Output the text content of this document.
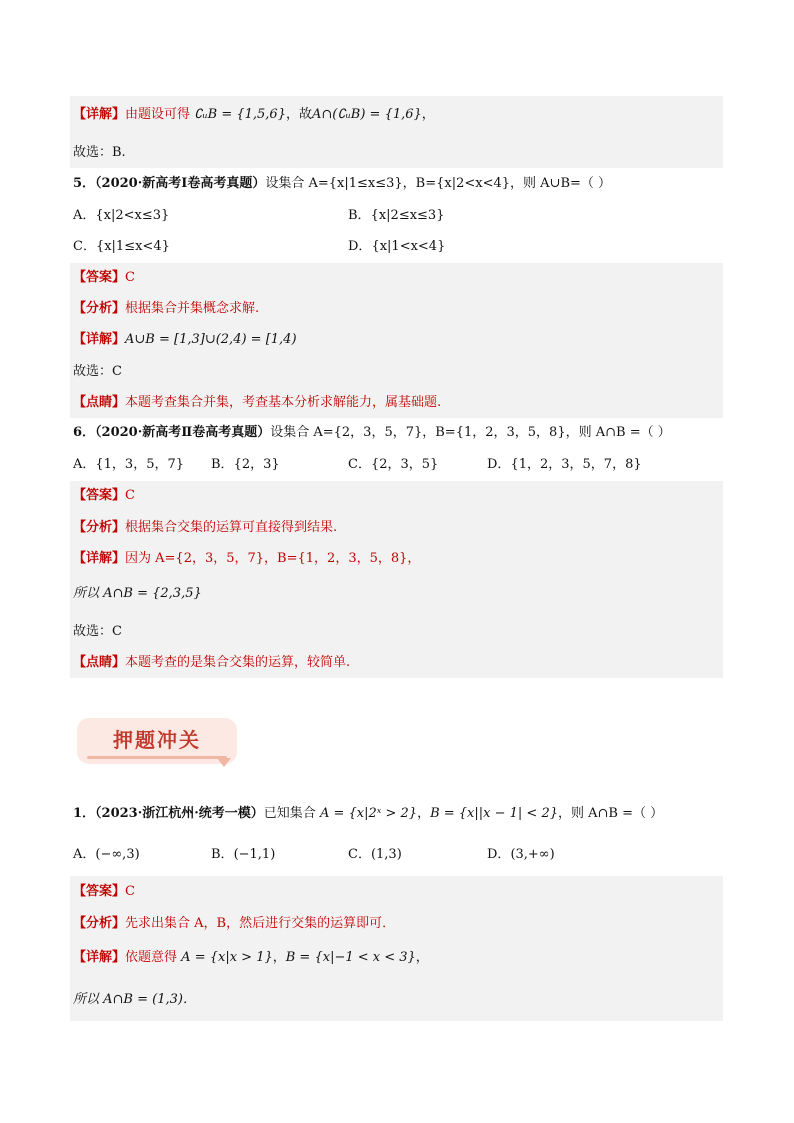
【详解】由题设可得 ∁ᵤB = {1,5,6}，故A∩(∁ᵤB) = {1,6}，
故选：B.
5．（2020·新高考Ⅰ卷高考真题）设集合 A={x|1≤x≤3}，B={x|2<x<4}，则 A∪B=（ ）
A．{x|2<x≤3}	B．{x|2≤x≤3}
C．{x|1≤x<4}	D．{x|1<x<4}
【答案】C
【分析】根据集合并集概念求解.
【详解】A∪B = [1,3]∪(2,4) = [1,4)
故选：C
【点睛】本题考查集合并集，考查基本分析求解能力，属基础题.
6．（2020·新高考Ⅱ卷高考真题）设集合 A={2，3，5，7}，B={1，2，3，5，8}，则 A∩B =（ ）
A．{1，3，5，7} B．{2，3}	C．{2，3，5}	D．{1，2，3，5，7，8}
【答案】C
【分析】根据集合交集的运算可直接得到结果.
【详解】因为 A={2，3，5，7}，B={1，2，3，5，8}，
所以 A∩B = {2,3,5}
故选：C
【点睛】本题考查的是集合交集的运算，较简单.
押题冲关
1．（2023·浙江杭州·统考一模）已知集合 A = {x|2ˣ > 2}，B = {x||x − 1| < 2}，则 A∩B =（ ）
A．(−∞,3)	B．(−1,1)	C．(1,3)	D．(3,+∞)
【答案】C
【分析】先求出集合 A，B，然后进行交集的运算即可．
【详解】依题意得 A = {x|x > 1}，B = {x|−1 < x < 3}，
所以 A∩B = (1,3)．
